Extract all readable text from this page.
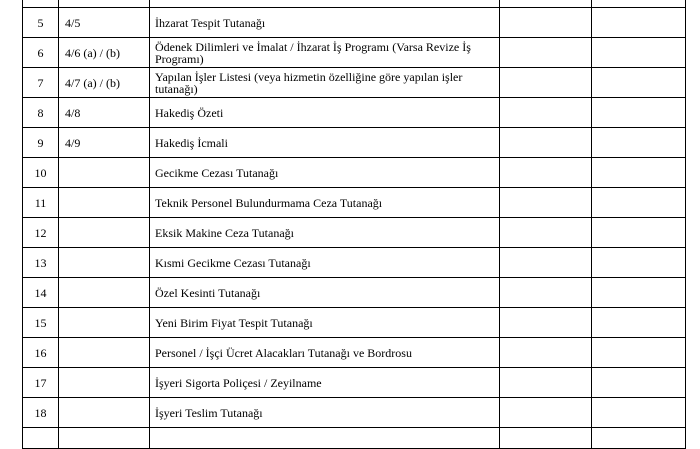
5	4/5	İhzarat Tespit Tutanağı		
6	4/6 (a) / (b)	Ödenek Dilimleri ve İmalat / İhzarat İş Programı (Varsa Revize İş Programı)		
7	4/7 (a) / (b)	Yapılan İşler Listesi (veya hizmetin özelliğine göre yapılan işler tutanağı)		
8	4/8	Hakediş Özeti		
9	4/9	Hakediş İcmali		
10		Gecikme Cezası Tutanağı		
11		Teknik Personel Bulundurmama Ceza Tutanağı		
12		Eksik Makine Ceza Tutanağı		
13		Kısmi Gecikme Cezası Tutanağı		
14		Özel Kesinti Tutanağı		
15		Yeni Birim Fiyat Tespit Tutanağı		
16		Personel / İşçi Ücret Alacakları Tutanağı ve Bordrosu		
17		İşyeri Sigorta Poliçesi / Zeyilname		
18		İşyeri Teslim Tutanağı		
